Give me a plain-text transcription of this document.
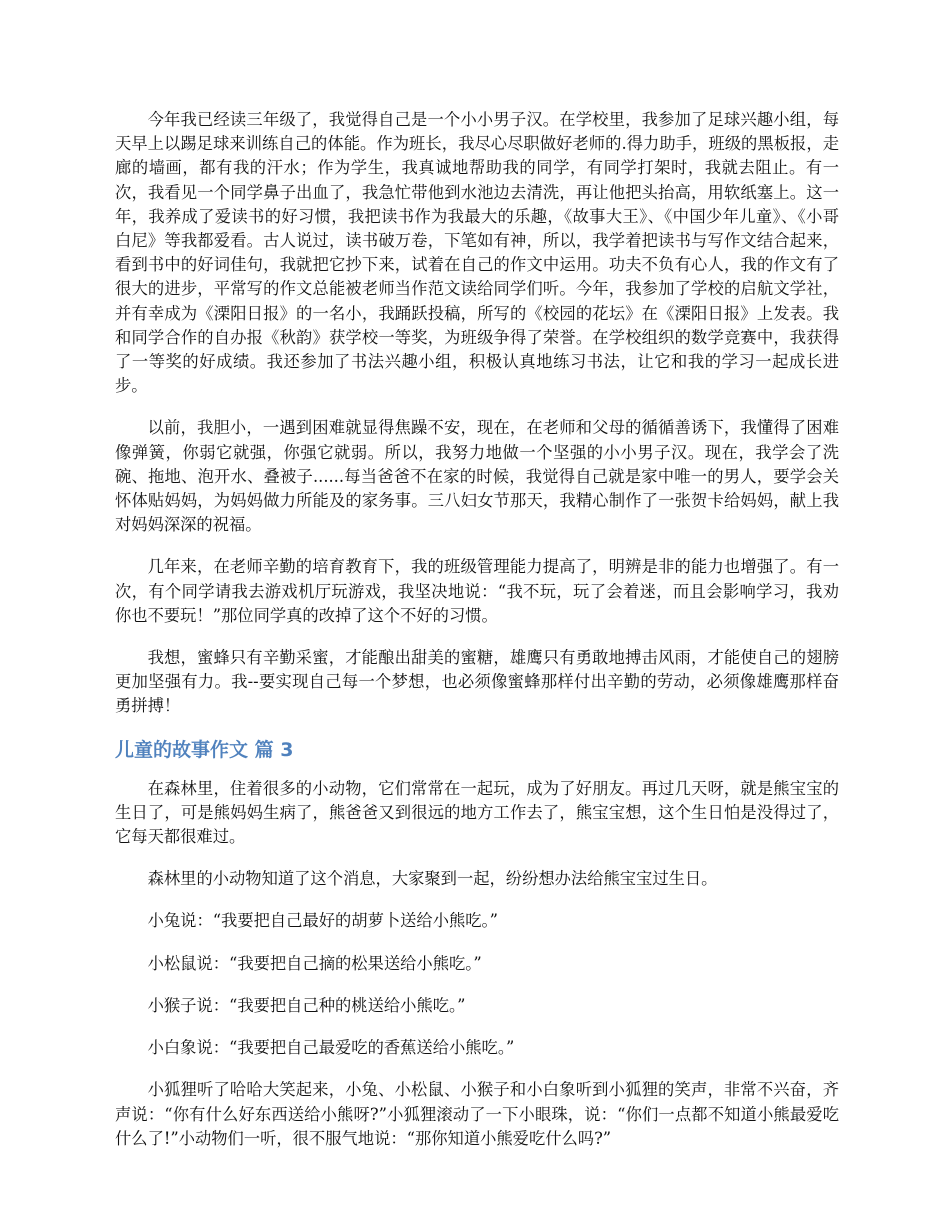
今年我已经读三年级了，我觉得自己是一个小小男子汉。在学校里，我参加了足球兴趣小组，每天早上以踢足球来训练自己的体能。作为班长，我尽心尽职做好老师的.得力助手，班级的黑板报，走廊的墙画，都有我的汗水；作为学生，我真诚地帮助我的同学，有同学打架时，我就去阻止。有一次，我看见一个同学鼻子出血了，我急忙带他到水池边去清洗，再让他把头抬高，用软纸塞上。这一年，我养成了爱读书的好习惯，我把读书作为我最大的乐趣，《故事大王》、《中国少年儿童》、《小哥白尼》等我都爱看。古人说过，读书破万卷，下笔如有神，所以，我学着把读书与写作文结合起来，看到书中的好词佳句，我就把它抄下来，试着在自己的作文中运用。功夫不负有心人，我的作文有了很大的进步，平常写的作文总能被老师当作范文读给同学们听。今年，我参加了学校的启航文学社，并有幸成为《溧阳日报》的一名小，我踊跃投稿，所写的《校园的花坛》在《溧阳日报》上发表。我和同学合作的自办报《秋韵》获学校一等奖，为班级争得了荣誉。在学校组织的数学竞赛中，我获得了一等奖的好成绩。我还参加了书法兴趣小组，积极认真地练习书法，让它和我的学习一起成长进步。

以前，我胆小，一遇到困难就显得焦躁不安，现在，在老师和父母的循循善诱下，我懂得了困难像弹簧，你弱它就强，你强它就弱。所以，我努力地做一个坚强的小小男子汉。现在，我学会了洗碗、拖地、泡开水、叠被子......每当爸爸不在家的时候，我觉得自己就是家中唯一的男人，要学会关怀体贴妈妈，为妈妈做力所能及的家务事。三八妇女节那天，我精心制作了一张贺卡给妈妈，献上我对妈妈深深的祝福。

几年来，在老师辛勤的培育教育下，我的班级管理能力提高了，明辨是非的能力也增强了。有一次，有个同学请我去游戏机厅玩游戏，我坚决地说：“我不玩，玩了会着迷，而且会影响学习，我劝你也不要玩！”那位同学真的改掉了这个不好的习惯。

我想，蜜蜂只有辛勤采蜜，才能酿出甜美的蜜糖，雄鹰只有勇敢地搏击风雨，才能使自己的翅膀更加坚强有力。我--要实现自己每一个梦想，也必须像蜜蜂那样付出辛勤的劳动，必须像雄鹰那样奋勇拼搏！

儿童的故事作文 篇 3

在森林里，住着很多的小动物，它们常常在一起玩，成为了好朋友。再过几天呀，就是熊宝宝的生日了，可是熊妈妈生病了，熊爸爸又到很远的地方工作去了，熊宝宝想，这个生日怕是没得过了，它每天都很难过。

森林里的小动物知道了这个消息，大家聚到一起，纷纷想办法给熊宝宝过生日。

小兔说：“我要把自己最好的胡萝卜送给小熊吃。”

小松鼠说：“我要把自己摘的松果送给小熊吃。”

小猴子说：“我要把自己种的桃送给小熊吃。”

小白象说：“我要把自己最爱吃的香蕉送给小熊吃。”

小狐狸听了哈哈大笑起来，小兔、小松鼠、小猴子和小白象听到小狐狸的笑声，非常不兴奋，齐声说：“你有什么好东西送给小熊呀?”小狐狸滚动了一下小眼珠，说：“你们一点都不知道小熊最爱吃什么了!”小动物们一听，很不服气地说：“那你知道小熊爱吃什么吗?”
